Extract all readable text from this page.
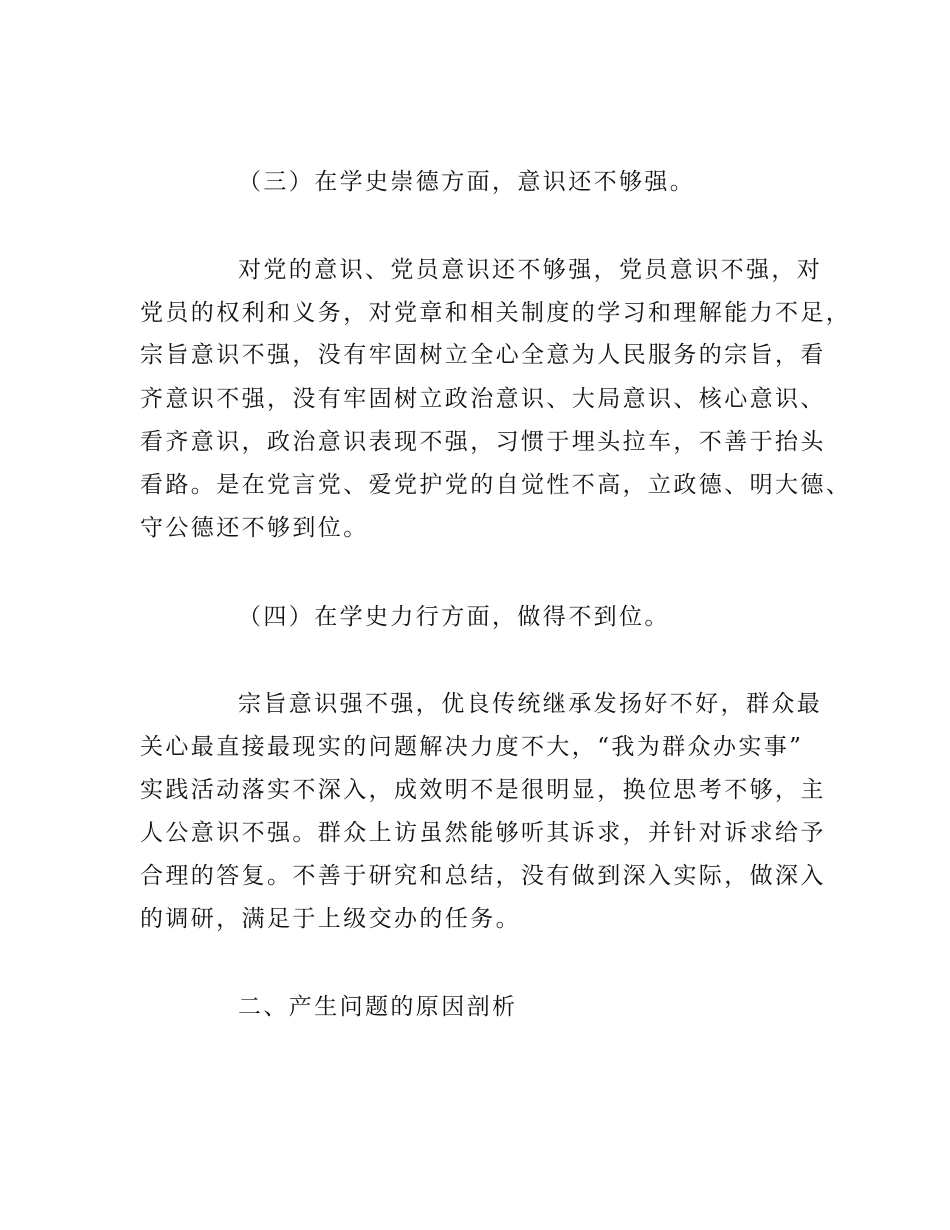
（三）在学史崇德方面，意识还不够强。
对党的意识、党员意识还不够强，党员意识不强，对
党员的权利和义务，对党章和相关制度的学习和理解能力不足，
宗旨意识不强，没有牢固树立全心全意为人民服务的宗旨，看
齐意识不强，没有牢固树立政治意识、大局意识、核心意识、
看齐意识，政治意识表现不强，习惯于埋头拉车，不善于抬头
看路。是在党言党、爱党护党的自觉性不高，立政德、明大德、
守公德还不够到位。
（四）在学史力行方面，做得不到位。
宗旨意识强不强，优良传统继承发扬好不好，群众最
关心最直接最现实的问题解决力度不大，“我为群众办实事”
实践活动落实不深入，成效明不是很明显，换位思考不够，主
人公意识不强。群众上访虽然能够听其诉求，并针对诉求给予
合理的答复。不善于研究和总结，没有做到深入实际，做深入
的调研，满足于上级交办的任务。
二、产生问题的原因剖析
